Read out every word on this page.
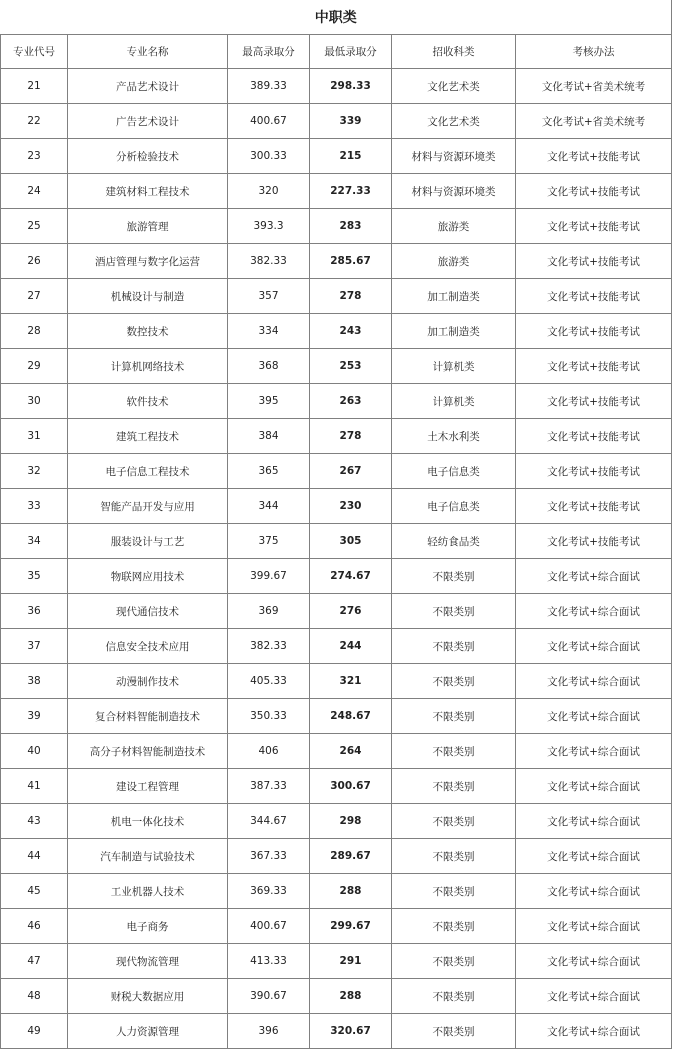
中职类					
专业代号	专业名称	最高录取分	最低录取分	招收科类	考核办法
21	产品艺术设计	389.33	298.33	文化艺术类	文化考试+省美术统考
22	广告艺术设计	400.67	339	文化艺术类	文化考试+省美术统考
23	分析检验技术	300.33	215	材料与资源环境类	文化考试+技能考试
24	建筑材料工程技术	320	227.33	材料与资源环境类	文化考试+技能考试
25	旅游管理	393.3	283	旅游类	文化考试+技能考试
26	酒店管理与数字化运营	382.33	285.67	旅游类	文化考试+技能考试
27	机械设计与制造	357	278	加工制造类	文化考试+技能考试
28	数控技术	334	243	加工制造类	文化考试+技能考试
29	计算机网络技术	368	253	计算机类	文化考试+技能考试
30	软件技术	395	263	计算机类	文化考试+技能考试
31	建筑工程技术	384	278	土木水利类	文化考试+技能考试
32	电子信息工程技术	365	267	电子信息类	文化考试+技能考试
33	智能产品开发与应用	344	230	电子信息类	文化考试+技能考试
34	服装设计与工艺	375	305	轻纺食品类	文化考试+技能考试
35	物联网应用技术	399.67	274.67	不限类别	文化考试+综合面试
36	现代通信技术	369	276	不限类别	文化考试+综合面试
37	信息安全技术应用	382.33	244	不限类别	文化考试+综合面试
38	动漫制作技术	405.33	321	不限类别	文化考试+综合面试
39	复合材料智能制造技术	350.33	248.67	不限类别	文化考试+综合面试
40	高分子材料智能制造技术	406	264	不限类别	文化考试+综合面试
41	建设工程管理	387.33	300.67	不限类别	文化考试+综合面试
43	机电一体化技术	344.67	298	不限类别	文化考试+综合面试
44	汽车制造与试验技术	367.33	289.67	不限类别	文化考试+综合面试
45	工业机器人技术	369.33	288	不限类别	文化考试+综合面试
46	电子商务	400.67	299.67	不限类别	文化考试+综合面试
47	现代物流管理	413.33	291	不限类别	文化考试+综合面试
48	财税大数据应用	390.67	288	不限类别	文化考试+综合面试
49	人力资源管理	396	320.67	不限类别	文化考试+综合面试
